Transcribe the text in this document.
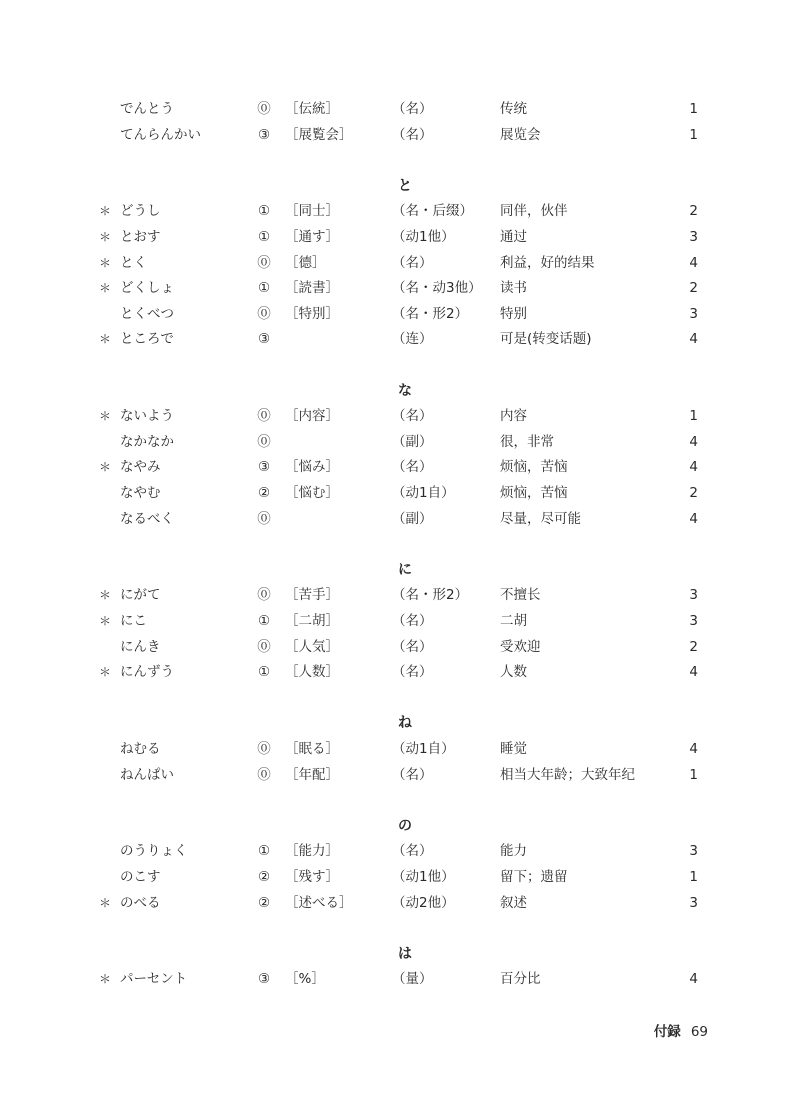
でんとう	⓪ ［伝統］	（名）	传统	1
てんらんかい	③ ［展覧会］	（名）	展览会	1
と
＊ どうし	① ［同士］	（名・后缀） 同伴，伙伴	2
＊ とおす	① ［通す］	（动1他）	通过	3
＊ とく	⓪ ［德］	（名）	利益，好的结果	4
＊ どくしょ	① ［読書］	（名・动3他） 读书	2
とくべつ	⓪ ［特別］	（名・形2） 特别	3
＊ ところで	③	（连）	可是(转变话题)	4
な
＊ ないよう	⓪ ［内容］	（名）	内容	1
なかなか	⓪	（副）	很，非常	4
＊ なやみ	③ ［悩み］	（名）	烦恼，苦恼	4
なやむ	② ［悩む］	（动1自）	烦恼，苦恼	2
なるべく	⓪	（副）	尽量，尽可能	4
に
＊ にがて	⓪ ［苦手］	（名・形2） 不擅长	3
＊ にこ	① ［二胡］	（名）	二胡	3
にんき	⓪ ［人気］	（名）	受欢迎	2
＊ にんずう	① ［人数］	（名）	人数	4
ね
ねむる	⓪ ［眠る］	（动1自）	睡觉	4
ねんぱい	⓪ ［年配］	（名）	相当大年龄；大致年纪	1
の
のうりょく	① ［能力］	（名）	能力	3
のこす	② ［残す］	（动1他）	留下；遗留	1
＊ のべる	② ［述べる］	（动2他）	叙述	3
は
＊ パーセント	③ ［%］	（量）	百分比	4
付録 69
